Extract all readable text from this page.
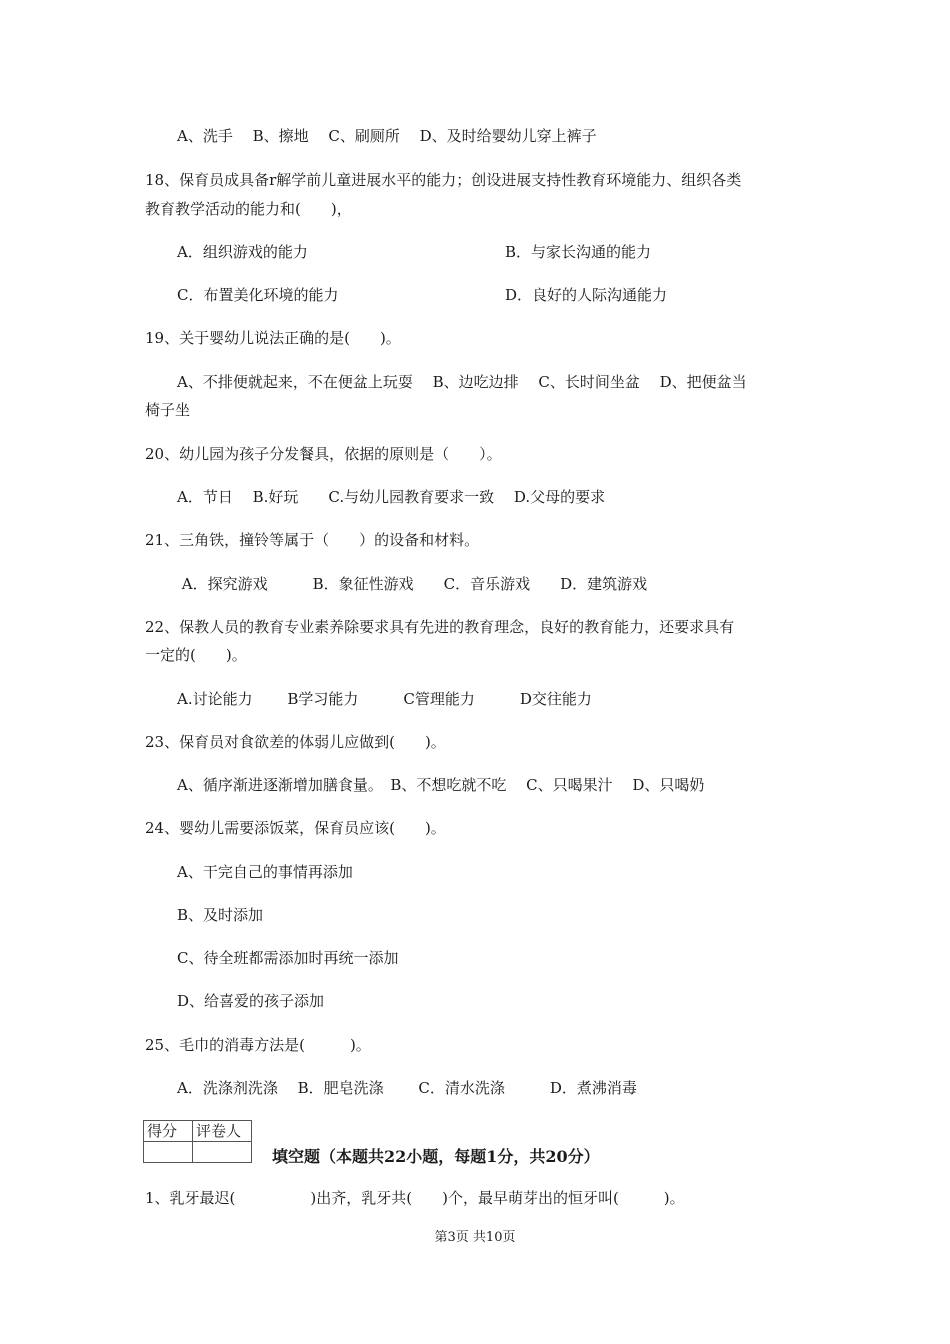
A、洗手　 B、擦地　 C、刷厕所　 D、及时给婴幼儿穿上裤子
18、保育员成具备r解学前儿童进展水平的能力；创设进展支持性教育环境能力、组织各类
教育教学活动的能力和(　　)，
A．组织游戏的能力	B．与家长沟通的能力
C．布置美化环境的能力	D．良好的人际沟通能力
19、关于婴幼儿说法正确的是(　　)。
A、不排便就起来，不在便盆上玩耍　 B、边吃边排　 C、长时间坐盆　 D、把便盆当
椅子坐
20、幼儿园为孩子分发餐具，依据的原则是（　　）。
A．节日　 B.好玩　　C.与幼儿园教育要求一致　 D.父母的要求
21、三角铁，撞铃等属于（　　）的设备和材料。
A．探究游戏　　　B．象征性游戏　　C．音乐游戏　　D．建筑游戏
22、保教人员的教育专业素养除要求具有先进的教育理念，良好的教育能力，还要求具有
一定的(　　)。
A.讨论能力　　 B学习能力　　　C管理能力　　　D交往能力
23、保育员对食欲差的体弱儿应做到(　　)。
A、循序渐进逐渐增加膳食量。　B、不想吃就不吃　 C、只喝果汁　 D、只喝奶
24、婴幼儿需要添饭菜，保育员应该(　　)。
A、干完自己的事情再添加
B、及时添加
C、待全班都需添加时再统一添加
D、给喜爱的孩子添加
25、毛巾的消毒方法是(　　　)。
A．洗涤剂洗涤　 B．肥皂洗涤　　 C．清水洗涤　　　D．煮沸消毒
得分	评卷人

填空题（本题共22小题，每题1分，共20分）
1、乳牙最迟(　　　　　)出齐，乳牙共(　　)个，最早萌芽出的恒牙叫(　　　)。
第3页 共10页
